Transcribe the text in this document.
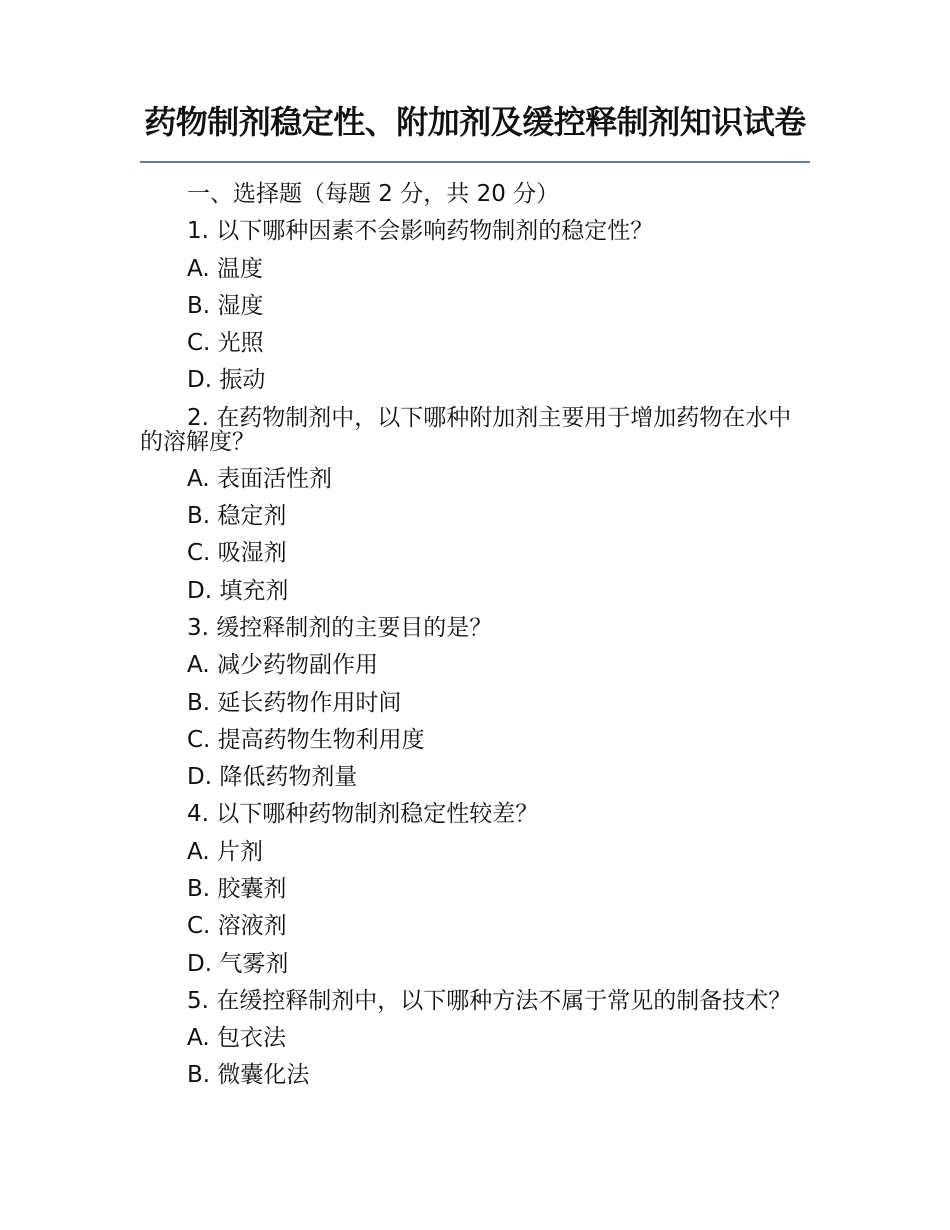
药物制剂稳定性、附加剂及缓控释制剂知识试卷

一、选择题（每题 2 分，共 20 分）

1. 以下哪种因素不会影响药物制剂的稳定性？

A. 温度

B. 湿度

C. 光照

D. 振动

2. 在药物制剂中，以下哪种附加剂主要用于增加药物在水中的溶解度？

A. 表面活性剂

B. 稳定剂

C. 吸湿剂

D. 填充剂

3. 缓控释制剂的主要目的是？

A. 减少药物副作用

B. 延长药物作用时间

C. 提高药物生物利用度

D. 降低药物剂量

4. 以下哪种药物制剂稳定性较差？

A. 片剂

B. 胶囊剂

C. 溶液剂

D. 气雾剂

5. 在缓控释制剂中，以下哪种方法不属于常见的制备技术？

A. 包衣法

B. 微囊化法
